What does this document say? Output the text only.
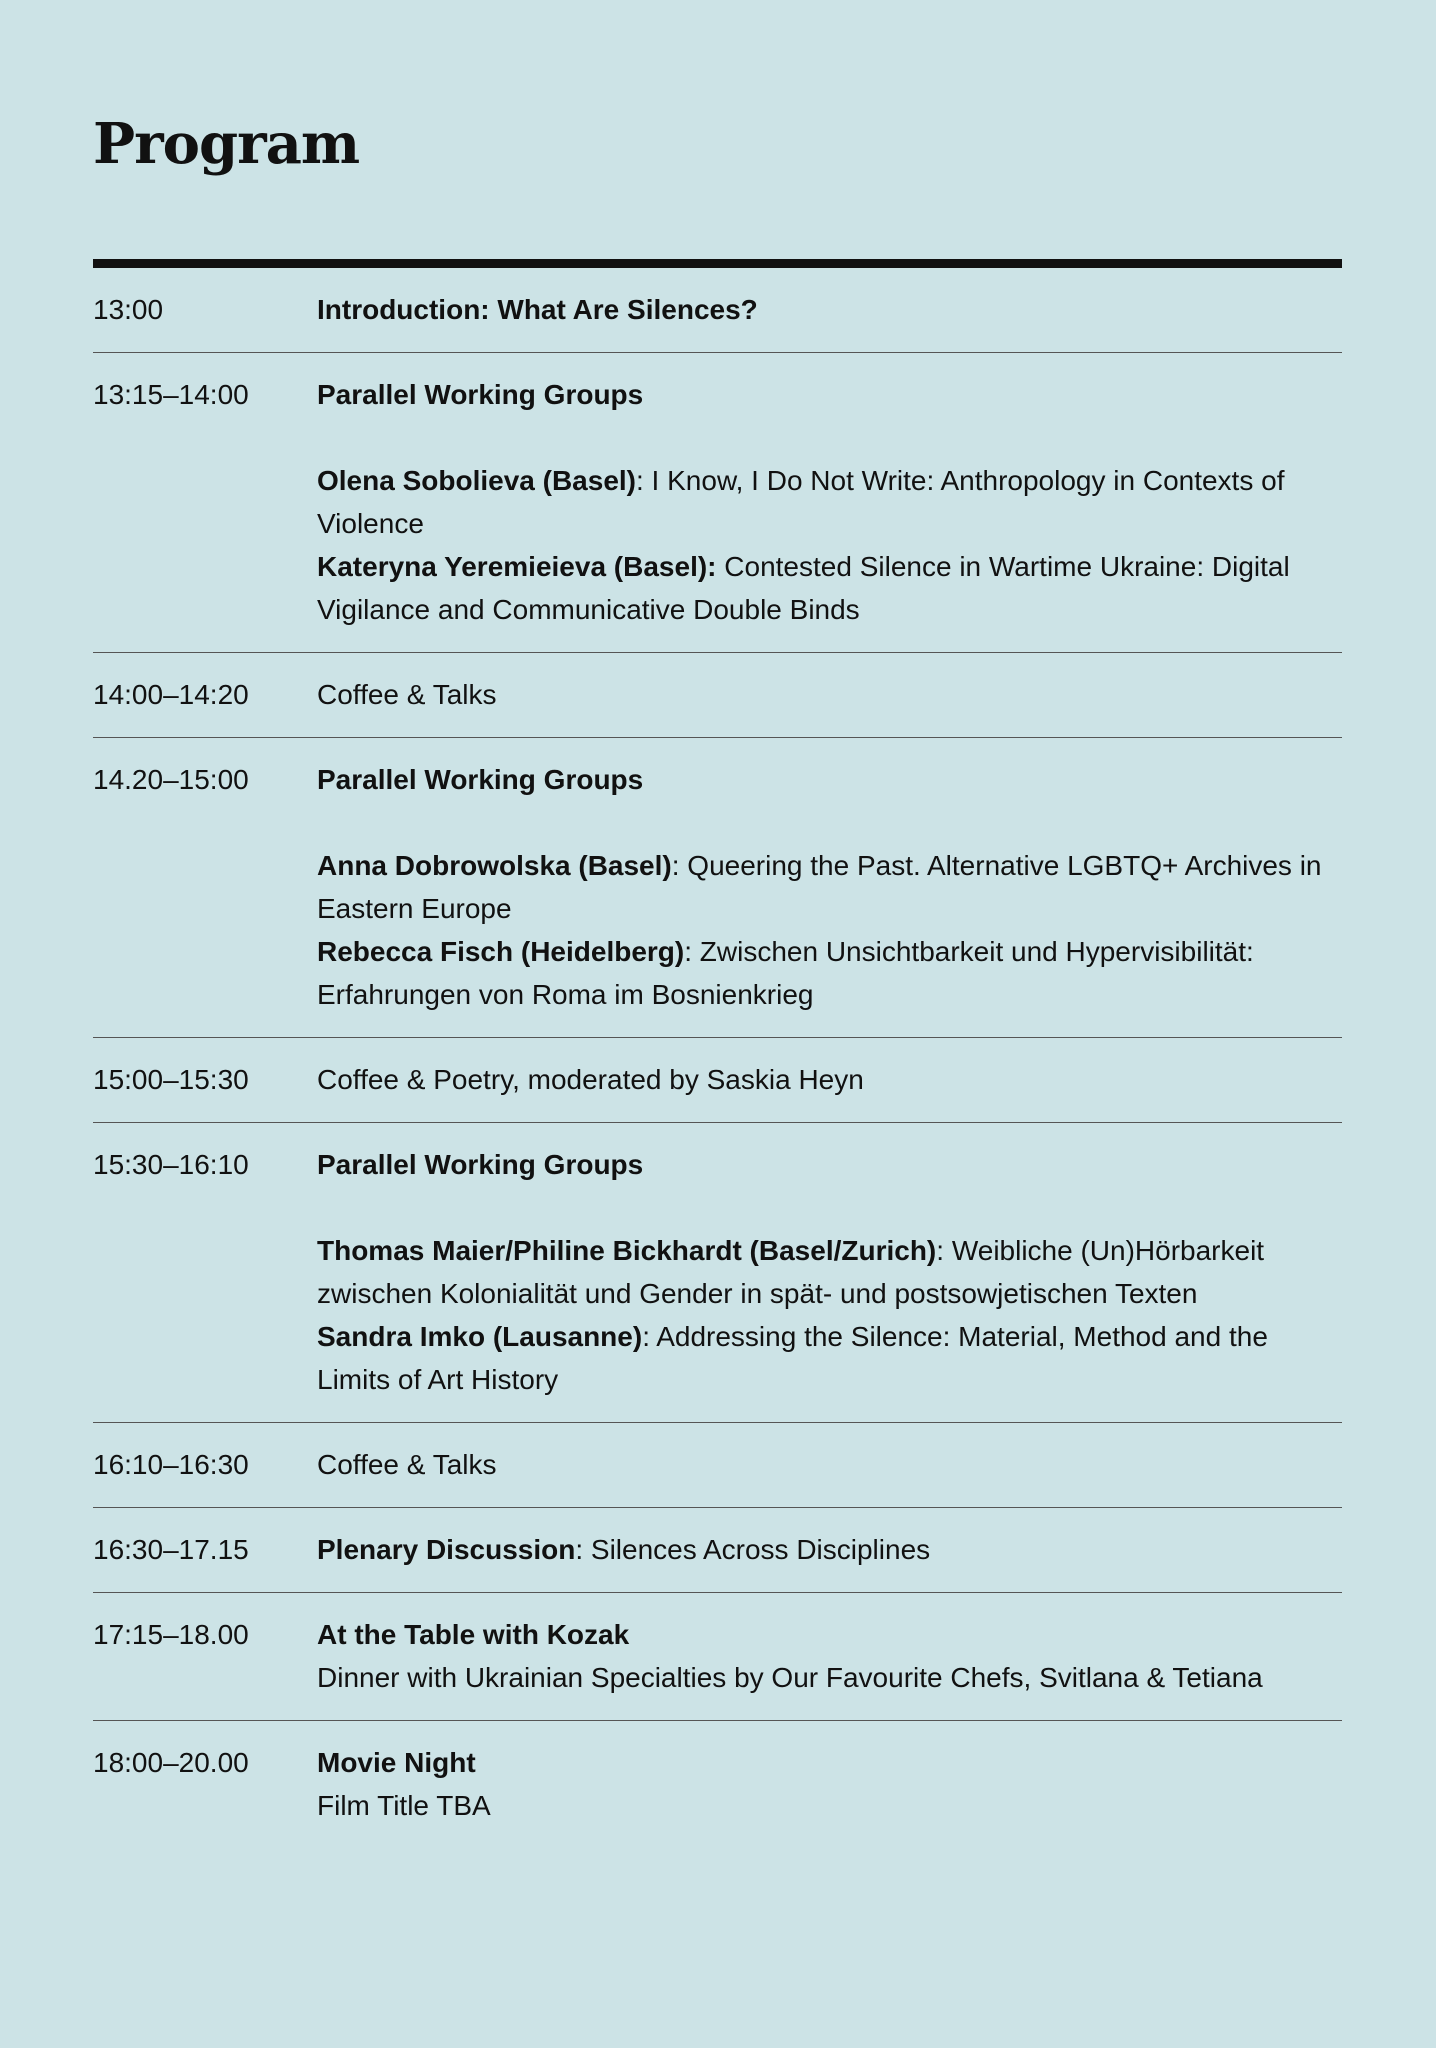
Program
13:00	Introduction: What Are Silences?
13:15–14:00	Parallel Working Groups
Olena Sobolieva (Basel): I Know, I Do Not Write: Anthropology in Contexts of Violence
Kateryna Yeremieieva (Basel): Contested Silence in Wartime Ukraine: Digital Vigilance and Communicative Double Binds
14:00–14:20	Coffee & Talks
14.20–15:00	Parallel Working Groups
Anna Dobrowolska (Basel): Queering the Past. Alternative LGBTQ+ Archives in Eastern Europe
Rebecca Fisch (Heidelberg): Zwischen Unsichtbarkeit und Hypervisibilität: Erfahrungen von Roma im Bosnienkrieg
15:00–15:30	Coffee & Poetry, moderated by Saskia Heyn
15:30–16:10	Parallel Working Groups
Thomas Maier/Philine Bickhardt (Basel/Zurich): Weibliche (Un)Hörbarkeit zwischen Kolonialität und Gender in spät- und postsowjetischen Texten
Sandra Imko (Lausanne): Addressing the Silence: Material, Method and the Limits of Art History
16:10–16:30	Coffee & Talks
16:30–17.15	Plenary Discussion: Silences Across Disciplines
17:15–18.00	At the Table with Kozak
Dinner with Ukrainian Specialties by Our Favourite Chefs, Svitlana & Tetiana
18:00–20.00	Movie Night
Film Title TBA
